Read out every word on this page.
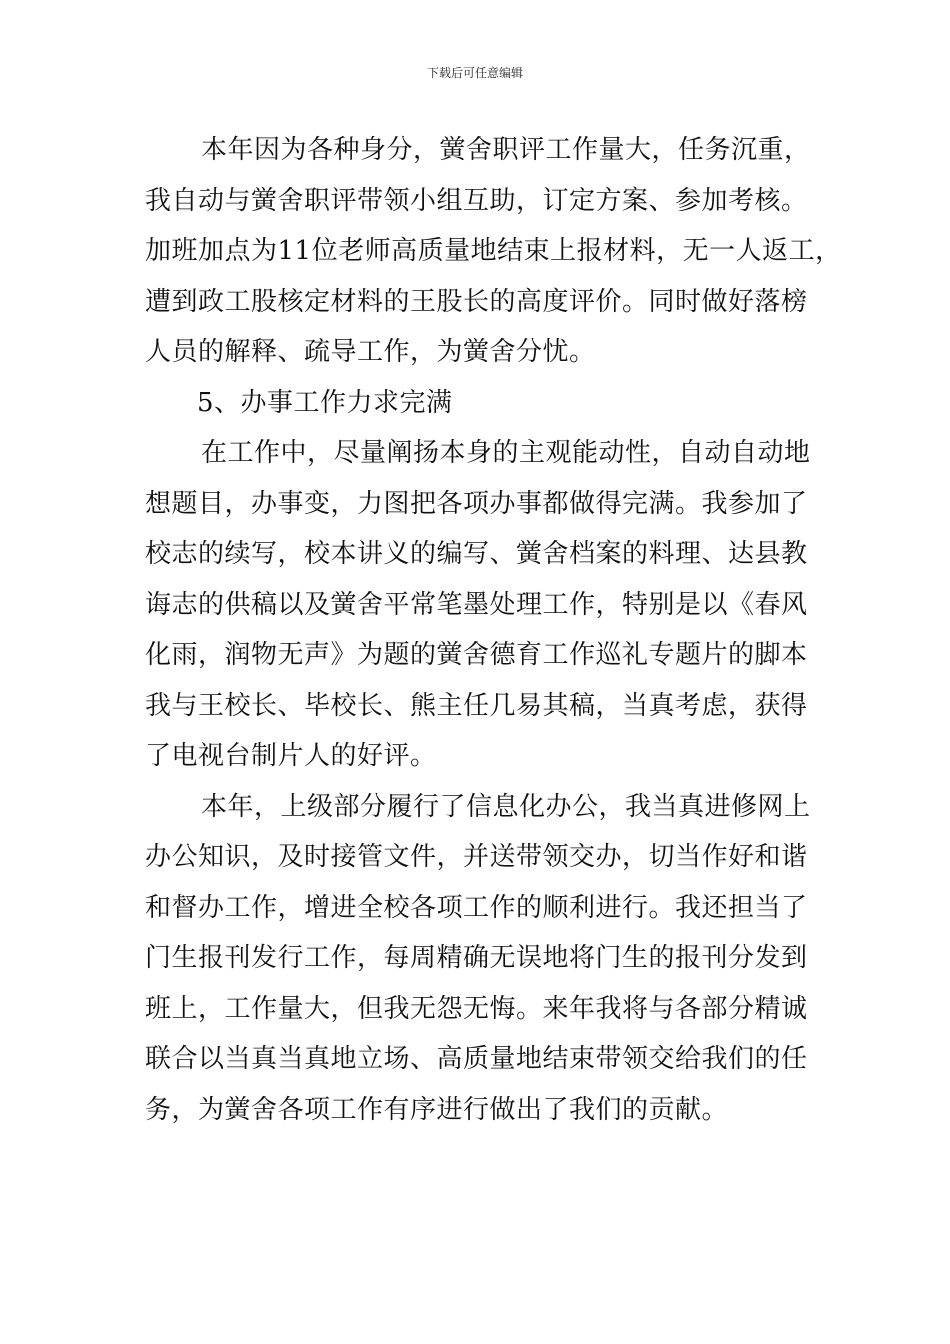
下载后可任意编辑
本年因为各种身分，黉舍职评工作量大，任务沉重，
我自动与黉舍职评带领小组互助，订定方案、参加考核。
加班加点为11位老师高质量地结束上报材料，无一人返工，
遭到政工股核定材料的王股长的高度评价。同时做好落榜
人员的解释、疏导工作，为黉舍分忧。
5、办事工作力求完满
在工作中，尽量阐扬本身的主观能动性，自动自动地
想题目，办事变，力图把各项办事都做得完满。我参加了
校志的续写，校本讲义的编写、黉舍档案的料理、达县教
诲志的供稿以及黉舍平常笔墨处理工作，特别是以《春风
化雨，润物无声》为题的黉舍德育工作巡礼专题片的脚本
我与王校长、毕校长、熊主任几易其稿，当真考虑，获得
了电视台制片人的好评。
本年，上级部分履行了信息化办公，我当真进修网上
办公知识，及时接管文件，并送带领交办，切当作好和谐
和督办工作，增进全校各项工作的顺利进行。我还担当了
门生报刊发行工作，每周精确无误地将门生的报刊分发到
班上，工作量大，但我无怨无悔。来年我将与各部分精诚
联合以当真当真地立场、高质量地结束带领交给我们的任
务，为黉舍各项工作有序进行做出了我们的贡献。
